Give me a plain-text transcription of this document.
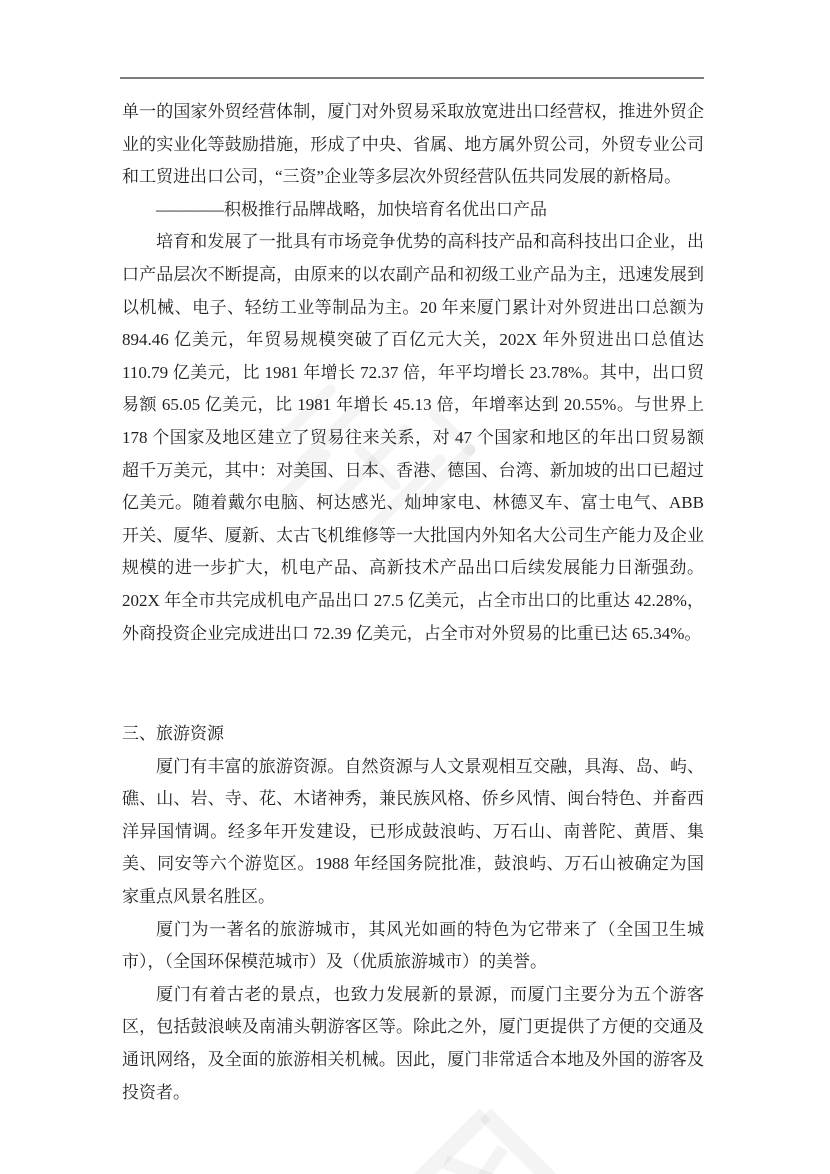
单一的国家外贸经营体制，厦门对外贸易采取放宽进出口经营权，推进外贸企业的实业化等鼓励措施，形成了中央、省属、地方属外贸公司，外贸专业公司和工贸进出口公司，“三资”企业等多层次外贸经营队伍共同发展的新格局。

————积极推行品牌战略，加快培育名优出口产品

培育和发展了一批具有市场竞争优势的高科技产品和高科技出口企业，出口产品层次不断提高，由原来的以农副产品和初级工业产品为主，迅速发展到以机械、电子、轻纺工业等制品为主。20 年来厦门累计对外贸进出口总额为 894.46 亿美元，年贸易规模突破了百亿元大关，202X 年外贸进出口总值达 110.79 亿美元，比 1981 年增长 72.37 倍，年平均增长 23.78%。其中，出口贸易额 65.05 亿美元，比 1981 年增长 45.13 倍，年增率达到 20.55%。与世界上 178 个国家及地区建立了贸易往来关系，对 47 个国家和地区的年出口贸易额超千万美元，其中：对美国、日本、香港、德国、台湾、新加坡的出口已超过亿美元。随着戴尔电脑、柯达感光、灿坤家电、林德叉车、富士电气、ABB 开关、厦华、厦新、太古飞机维修等一大批国内外知名大公司生产能力及企业规模的进一步扩大，机电产品、高新技术产品出口后续发展能力日渐强劲。202X 年全市共完成机电产品出口 27.5 亿美元，占全市出口的比重达 42.28%，外商投资企业完成进出口 72.39 亿美元，占全市对外贸易的比重已达 65.34%。

三、旅游资源

厦门有丰富的旅游资源。自然资源与人文景观相互交融，具海、岛、屿、礁、山、岩、寺、花、木诸神秀，兼民族风格、侨乡风情、闽台特色、并畜西洋异国情调。经多年开发建设，已形成鼓浪屿、万石山、南普陀、黄厝、集美、同安等六个游览区。1988 年经国务院批准，鼓浪屿、万石山被确定为国家重点风景名胜区。

厦门为一著名的旅游城市，其风光如画的特色为它带来了（全国卫生城市），（全国环保模范城市）及（优质旅游城市）的美誉。

厦门有着古老的景点，也致力发展新的景源，而厦门主要分为五个游客区，包括鼓浪峡及南浦头朝游客区等。除此之外，厦门更提供了方便的交通及通讯网络，及全面的旅游相关机械。因此，厦门非常适合本地及外国的游客及投资者。
